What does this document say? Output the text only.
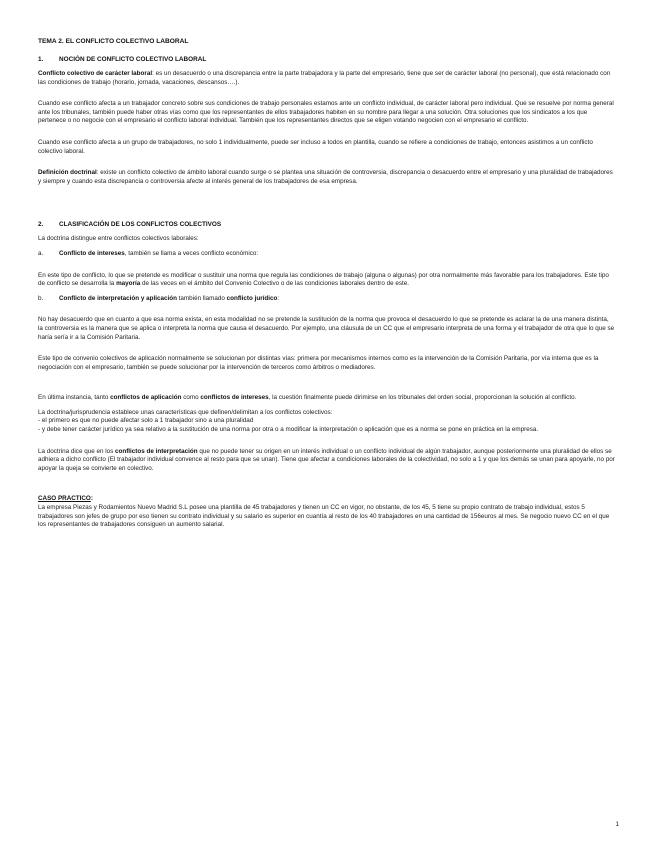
TEMA 2. EL CONFLICTO COLECTIVO LABORAL
1. NOCIÓN DE CONFLICTO COLECTIVO LABORAL

Conflicto colectivo de carácter laboral: es un desacuerdo o una discrepancia entre la parte trabajadora y la parte del empresario, tiene que ser de carácter laboral (no personal), que está relacionado con las condiciones de trabajo (horario, jornada, vacaciones, descansos….).

Cuando ese conflicto afecta a un trabajador concreto sobre sus condiciones de trabajo personales estamos ante un conflicto individual, de carácter laboral pero individual. Que se resuelve por norma general ante los tribunales, también puede haber otras vías como que los representantes de ellos trabajadores habiten en su nombre para llegar a una solución. Otra soluciones que los sindicatos a los que pertenece o no negocie con el empresario el conflicto laboral individual. También que los representantes directos que se eligen votando negocien con el empresario el conflicto.

Cuando ese conflicto afecta a un grupo de trabajadores, no solo 1 individualmente, puede ser incluso a todos en plantilla, cuando se refiere a condiciones de trabajo, entonces asistimos a un conflicto colectivo laboral.

Definición doctrinal: existe un conflicto colectivo de ámbito laboral cuando surge o se plantea una situación de controversia, discrepancia o desacuerdo entre el empresario y una pluralidad de trabajadores y siempre y cuando esta discrepancia o controversia afecte al interés general de los trabajadores de esa empresa.

2. CLASIFICACIÓN DE LOS CONFLICTOS COLECTIVOS

La doctrina distingue entre conflictos colectivos laborales:

a. Conflicto de intereses, también se llama a veces conflicto económico:

En este tipo de conflicto, lo que se pretende es modificar o sustituir una norma que regula las condiciones de trabajo (alguna o algunas) por otra normalmente más favorable para los trabajadores. Este tipo de conflicto se desarrolla la mayoría de las veces en el ámbito del Convenio Colectivo o de las condiciones laborales dentro de este.

b. Conflicto de interpretación y aplicación también llamado conflicto jurídico:

No hay desacuerdo que en cuanto a que esa norma exista, en esta modalidad no se pretende la sustitución de la norma que provoca el desacuerdo lo que se pretende es aclarar la de una manera distinta, la controversia es la manera que se aplica o interpreta la norma que causa el desacuerdo. Por ejemplo, una cláusula de un CC que el empresario interpreta de una forma y el trabajador de otra que lo que se haría sería ir a la Comisión Paritaria.

Este tipo de convenio colectivos de aplicación normalmente se solucionan por distintas vías: primera por mecanismos internos como es la intervención de la Comisión Paritaria, por vía interna que es la negociación con el empresario, también se puede solucionar por la intervención de terceros como árbitros o mediadores.

En última instancia, tanto conflictos de aplicación como conflictos de intereses, la cuestión finalmente puede dirimirse en los tribunales del orden social, proporcionan la solución al conflicto.

La doctrina/jurisprudencia establece unas características que definen/delimitan a los conflictos colectivos:

- el primero es que no puede afectar solo a 1 trabajador sino a una pluralidad

- y debe tener carácter jurídico ya sea relativo a la sustitución de una norma por otra o a modificar la interpretación o aplicación que es a norma se pone en práctica en la empresa.

La doctrina dice que en los conflictos de interpretación que no puede tener su origen en un interés individual o un conflicto individual de algún trabajador, aunque posteriormente una pluralidad de ellos se adhiera a dicho conflicto (El trabajador individual convence al resto para que se unan). Tiene que afectar a condiciones laborales de la colectividad, no solo a 1 y que los demás se unan para apoyarle, no por apoyar la queja se convierte en colectivo.

CASO PRACTICO:

La empresa Piezas y Rodamientos Nuevo Madrid S.L posee una plantilla de 45 trabajadores y tienen un CC en vigor, no obstante, de los 45, 5 tiene su propio contrato de trabajo individual, estos 5 trabajadores son jefes de grupo por eso tienen su contrato individual y su salario es superior en cuantía al resto de los 40 trabajadores en una cantidad de 156euros al mes. Se negocio nuevo CC en el que los representantes de trabajadores consiguen un aumento salarial.

1
